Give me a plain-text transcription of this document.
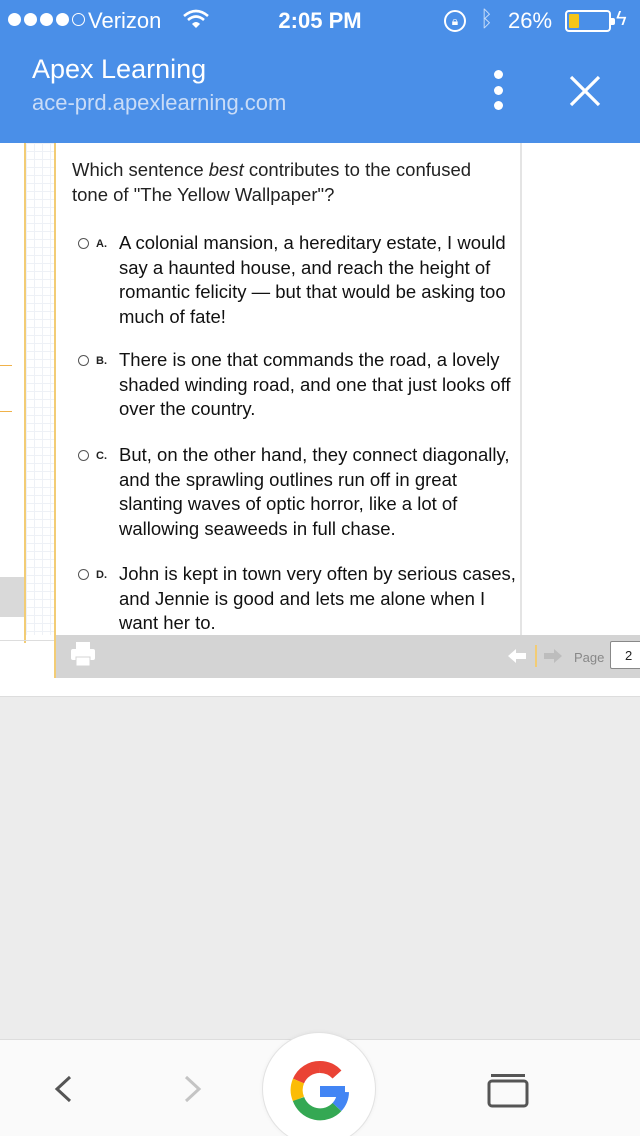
Verizon	2:05 PM	🔒︎ ᛒ 26%	ϟ
Apex Learning
ace-prd.apexlearning.com
Which sentence best contributes to the confused tone of "The Yellow Wallpaper"?
A. A colonial mansion, a hereditary estate, I would say a haunted house, and reach the height of romantic felicity — but that would be asking too much of fate!
B. There is one that commands the road, a lovely shaded winding road, and one that just looks off over the country.
C. But, on the other hand, they connect diagonally, and the sprawling outlines run off in great slanting waves of optic horror, like a lot of wallowing seaweeds in full chase.
D. John is kept in town very often by serious cases, and Jennie is good and lets me alone when I want her to.
Page	2
